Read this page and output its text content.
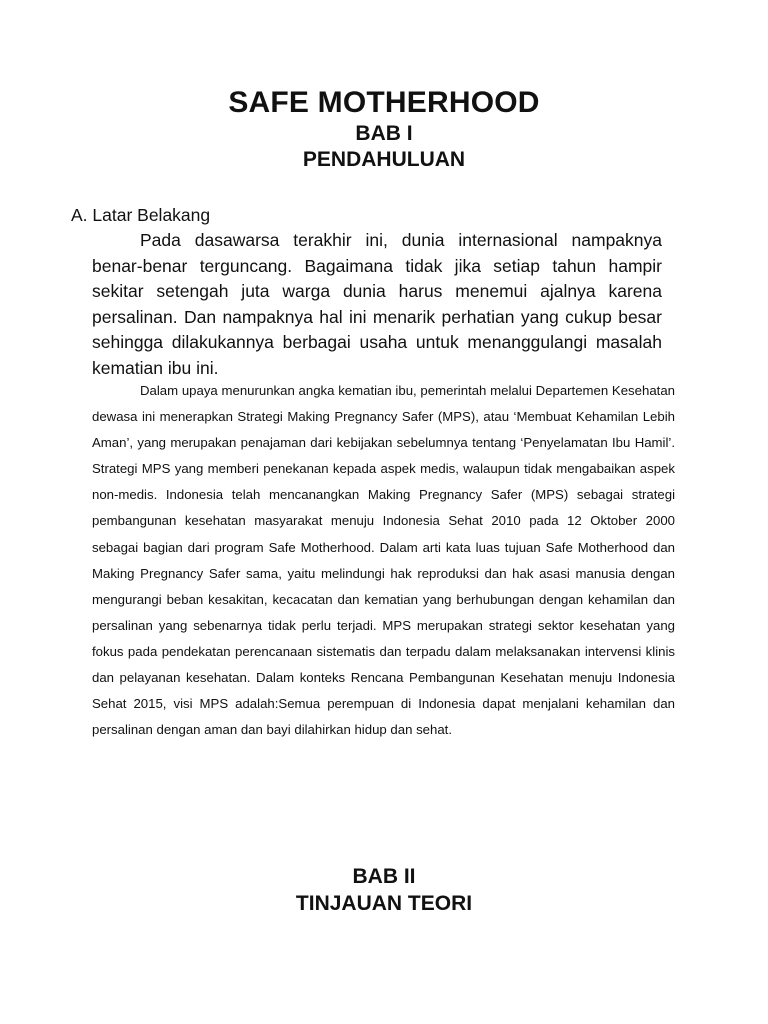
SAFE MOTHERHOOD
BAB I
PENDAHULUAN
A. Latar Belakang

Pada dasawarsa terakhir ini, dunia internasional nampaknya benar-benar terguncang. Bagaimana tidak jika setiap tahun hampir sekitar setengah juta warga dunia harus menemui ajalnya karena persalinan. Dan nampaknya hal ini menarik perhatian yang cukup besar sehingga dilakukannya berbagai usaha untuk menanggulangi masalah kematian ibu ini.

Dalam upaya menurunkan angka kematian ibu, pemerintah melalui Departemen Kesehatan dewasa ini menerapkan Strategi Making Pregnancy Safer (MPS), atau ‘Membuat Kehamilan Lebih Aman’, yang merupakan penajaman dari kebijakan sebelumnya tentang ‘Penyelamatan Ibu Hamil’. Strategi MPS yang memberi penekanan kepada aspek medis, walaupun tidak mengabaikan aspek non-medis. Indonesia telah mencanangkan Making Pregnancy Safer (MPS) sebagai strategi pembangunan kesehatan masyarakat menuju Indonesia Sehat 2010 pada 12 Oktober 2000 sebagai bagian dari program Safe Motherhood. Dalam arti kata luas tujuan Safe Motherhood dan Making Pregnancy Safer sama, yaitu melindungi hak reproduksi dan hak asasi manusia dengan mengurangi beban kesakitan, kecacatan dan kematian yang berhubungan dengan kehamilan dan persalinan yang sebenarnya tidak perlu terjadi. MPS merupakan strategi sektor kesehatan yang fokus pada pendekatan perencanaan sistematis dan terpadu dalam melaksanakan intervensi klinis dan pelayanan kesehatan. Dalam konteks Rencana Pembangunan Kesehatan menuju Indonesia Sehat 2015, visi MPS adalah:Semua perempuan di Indonesia dapat menjalani kehamilan dan persalinan dengan aman dan bayi dilahirkan hidup dan sehat.

BAB II
TINJAUAN TEORI
